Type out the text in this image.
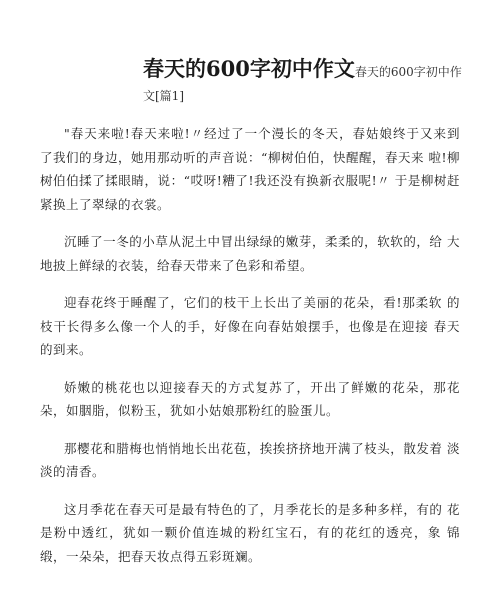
春天的600字初中作文春天的600字初中作
文[篇1]

"春天来啦!春天来啦!〃经过了一个漫长的冬天，春姑娘终于又来到 了我们的身边，她用那动听的声音说：“柳树伯伯，快醒醒，春天来 啦!柳树伯伯揉了揉眼睛，说：“哎呀!糟了!我还没有换新衣服呢!〃 于是柳树赶紧换上了翠绿的衣裳。

沉睡了一冬的小草从泥土中冒出绿绿的嫩芽，柔柔的，软软的，给 大地披上鲜绿的衣装，给春天带来了色彩和希望。

迎春花终于睡醒了，它们的枝干上长出了美丽的花朵，看!那柔软 的枝干长得多么像一个人的手，好像在向春姑娘摆手，也像是在迎接 春天的到来。

娇嫩的桃花也以迎接春天的方式复苏了，开出了鲜嫩的花朵，那花 朵，如胭脂，似粉玉，犹如小姑娘那粉红的脸蛋儿。

那樱花和腊梅也悄悄地长出花苞，挨挨挤挤地开满了枝头，散发着 淡淡的清香。

这月季花在春天可是最有特色的了，月季花长的是多种多样，有的 花是粉中透红，犹如一颗价值连城的粉红宝石，有的花红的透亮，象 锦缎，一朵朵，把春天妆点得五彩斑斓。
